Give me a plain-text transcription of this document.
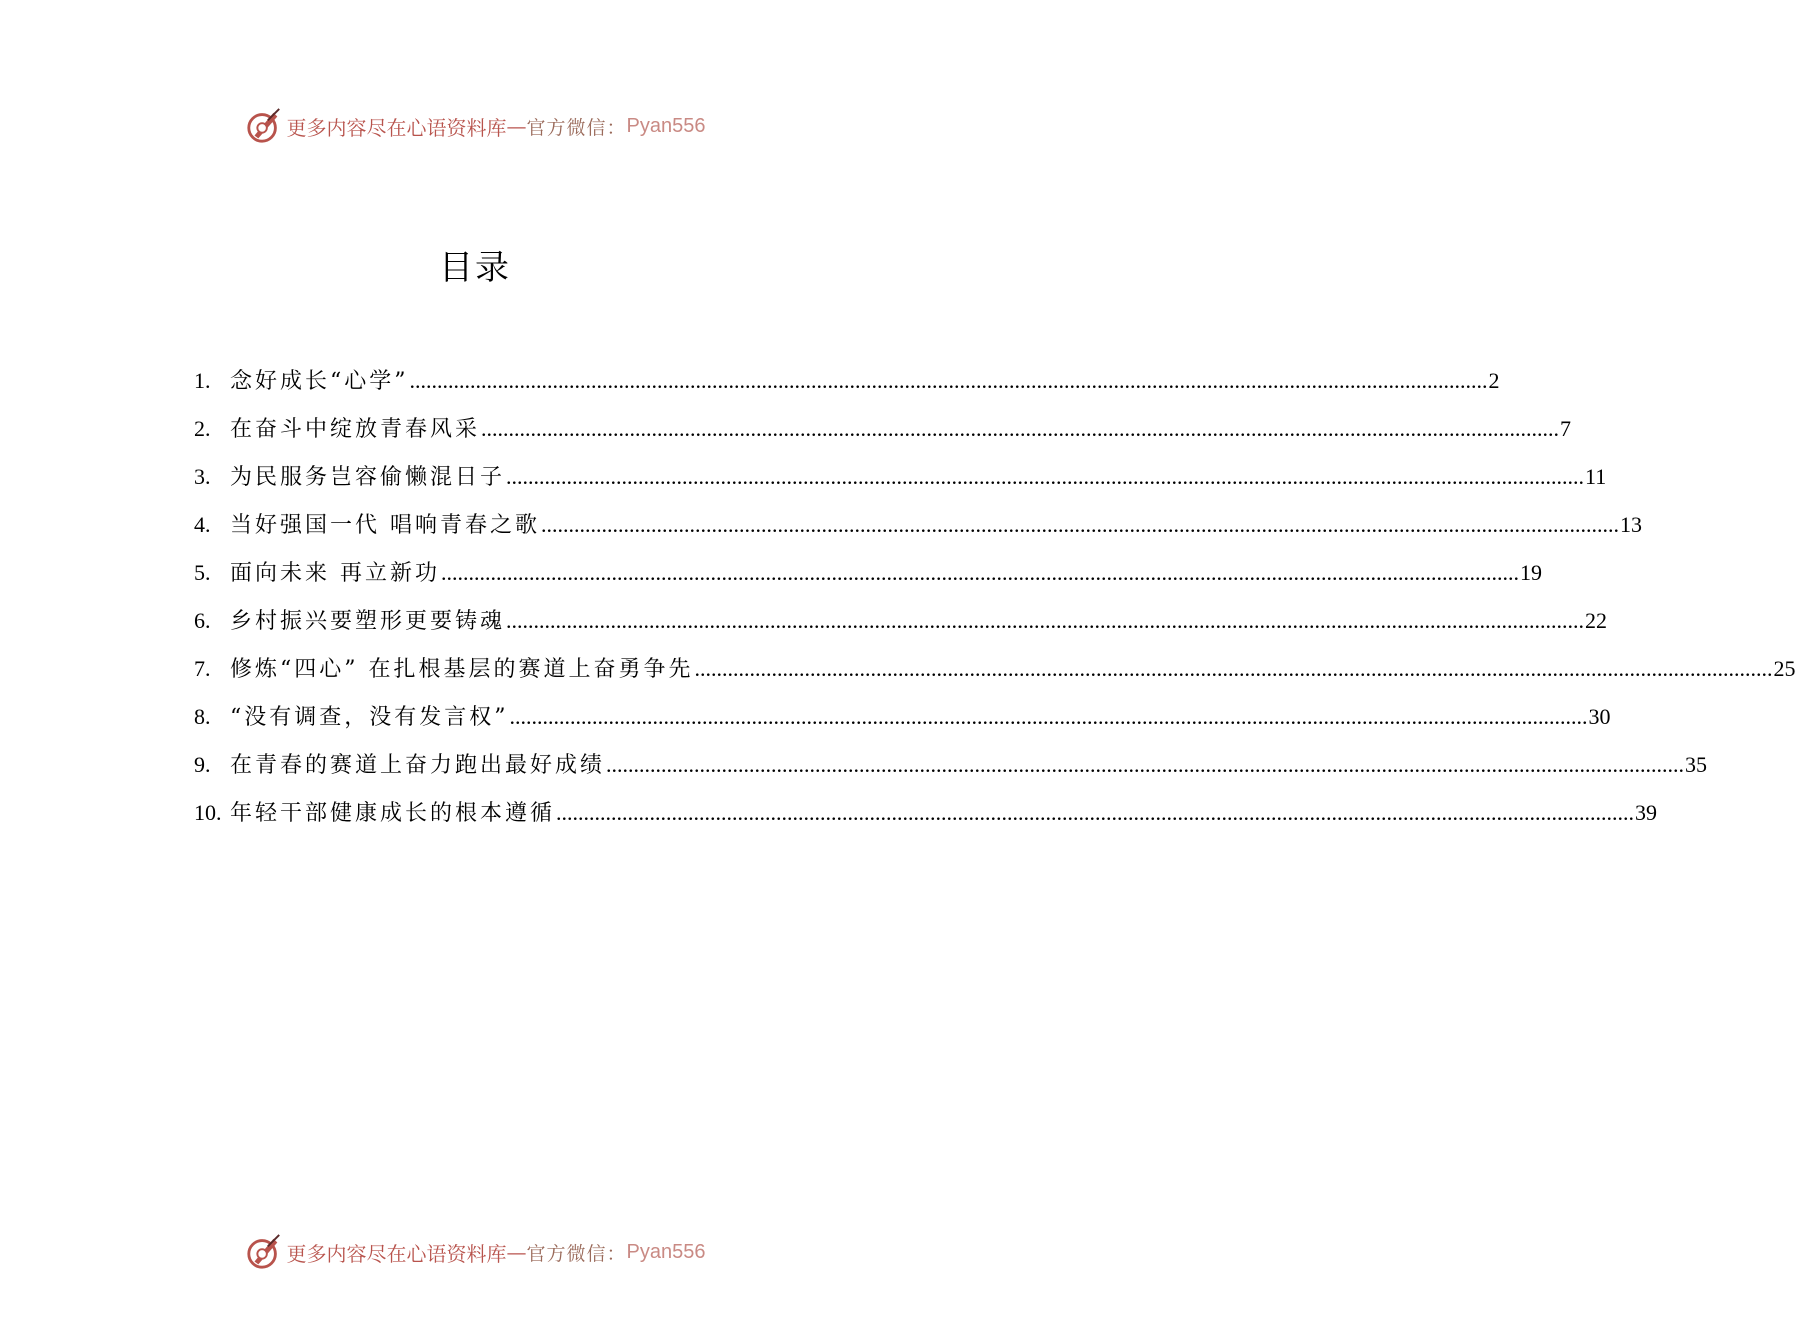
更多内容尽在心语资料库 — 官方微信： Pyan556
目录
1. 念好成长“心学” .....	2
2. 在奋斗中绽放青春风采 .....	7
3. 为民服务岂容偷懒混日子 .....	11
4. 当好强国一代 唱响青春之歌 .....	13
5. 面向未来 再立新功 .....	19
6. 乡村振兴要塑形更要铸魂 .....	22
7. 修炼“四心” 在扎根基层的赛道上奋勇争先 .....	25
8. “没有调查，没有发言权” .....	30
9. 在青春的赛道上奋力跑出最好成绩 .....	35
10. 年轻干部健康成长的根本遵循 .....	39
更多内容尽在心语资料库 — 官方微信： Pyan556
